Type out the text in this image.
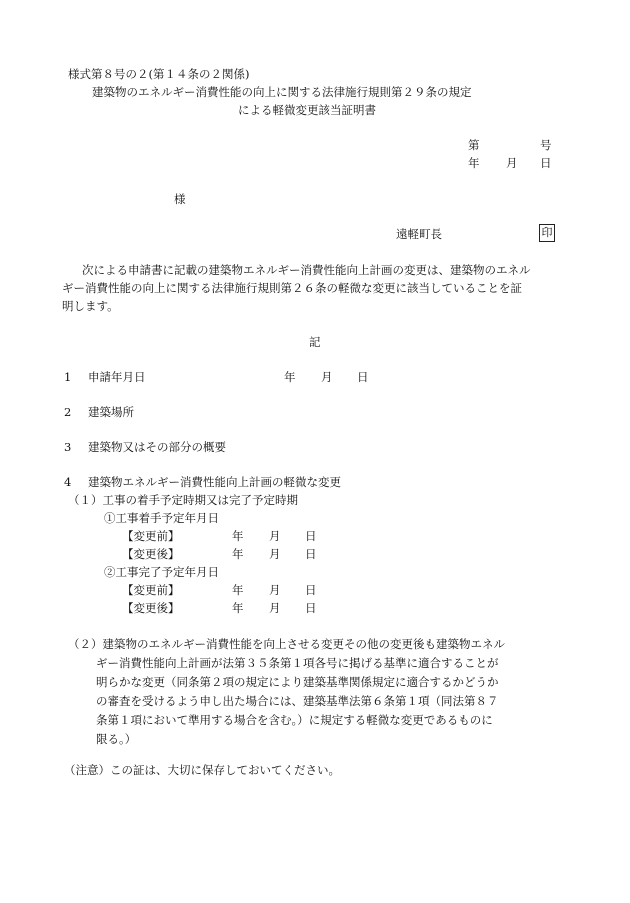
様式第８号の２(第１４条の２関係)
建築物のエネルギー消費性能の向上に関する法律施行規則第２９条の規定
による軽微変更該当証明書
第	号
年 月 日
様
遠軽町長	印
次による申請書に記載の建築物エネルギー消費性能向上計画の変更は、建築物のエネル
ギー消費性能の向上に関する法律施行規則第２６条の軽微な変更に該当していることを証
明します。
記
1 申請年月日	年 月 日
2 建築場所
3 建築物又はその部分の概要
4 建築物エネルギー消費性能向上計画の軽微な変更
（１）工事の着手予定時期又は完了予定時期
①工事着手予定年月日
【変更前】	年 月 日
【変更後】	年 月 日
②工事完了予定年月日
【変更前】	年 月 日
【変更後】	年 月 日
（２）建築物のエネルギー消費性能を向上させる変更その他の変更後も建築物エネル
ギー消費性能向上計画が法第３５条第１項各号に掲げる基準に適合することが
明らかな変更（同条第２項の規定により建築基準関係規定に適合するかどうか
の審査を受けるよう申し出た場合には、建築基準法第６条第１項（同法第８７
条第１項において準用する場合を含む。）に規定する軽微な変更であるものに
限る。）
（注意）この証は、大切に保存しておいてください。
